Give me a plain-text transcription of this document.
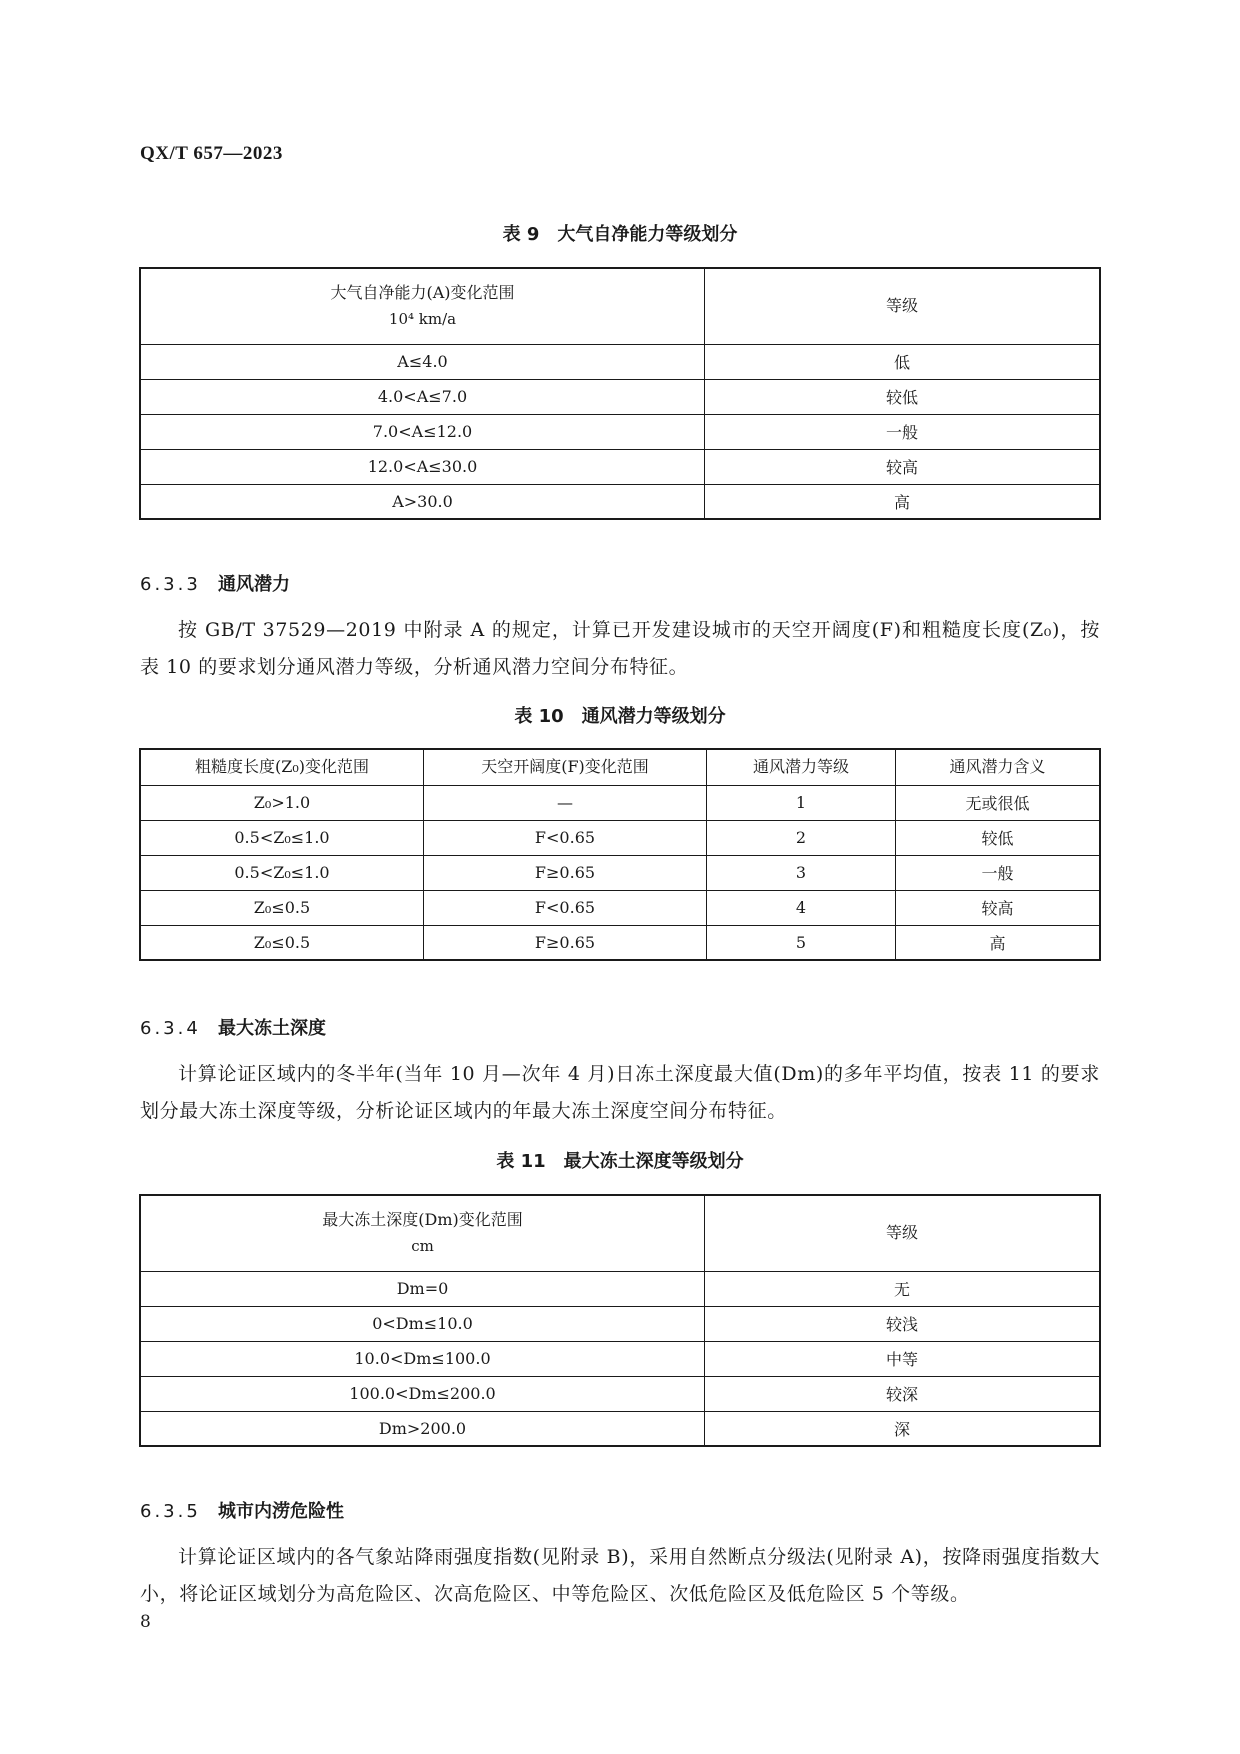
QX/T 657—2023
表 9　大气自净能力等级划分
大气自净能力(A)变化范围
10⁴ km/a	等级
A≤4.0	低
4.0<A≤7.0	较低
7.0<A≤12.0	一般
12.0<A≤30.0	较高
A>30.0	高
6.3.3 通风潜力
按 GB/T 37529—2019 中附录 A 的规定，计算已开发建设城市的天空开阔度(F)和粗糙度长度(Z₀)，按表 10 的要求划分通风潜力等级，分析通风潜力空间分布特征。
表 10　通风潜力等级划分
粗糙度长度(Z₀)变化范围	天空开阔度(F)变化范围	通风潜力等级	通风潜力含义
Z₀>1.0	—	1	无或很低
0.5<Z₀≤1.0	F<0.65	2	较低
0.5<Z₀≤1.0	F≥0.65	3	一般
Z₀≤0.5	F<0.65	4	较高
Z₀≤0.5	F≥0.65	5	高
6.3.4 最大冻土深度
计算论证区域内的冬半年(当年 10 月—次年 4 月)日冻土深度最大值(Dm)的多年平均值，按表 11 的要求划分最大冻土深度等级，分析论证区域内的年最大冻土深度空间分布特征。
表 11　最大冻土深度等级划分
最大冻土深度(Dm)变化范围
cm	等级
Dm=0	无
0<Dm≤10.0	较浅
10.0<Dm≤100.0	中等
100.0<Dm≤200.0	较深
Dm>200.0	深
6.3.5 城市内涝危险性
计算论证区域内的各气象站降雨强度指数(见附录 B)，采用自然断点分级法(见附录 A)，按降雨强度指数大小，将论证区域划分为高危险区、次高危险区、中等危险区、次低危险区及低危险区 5 个等级。
8
